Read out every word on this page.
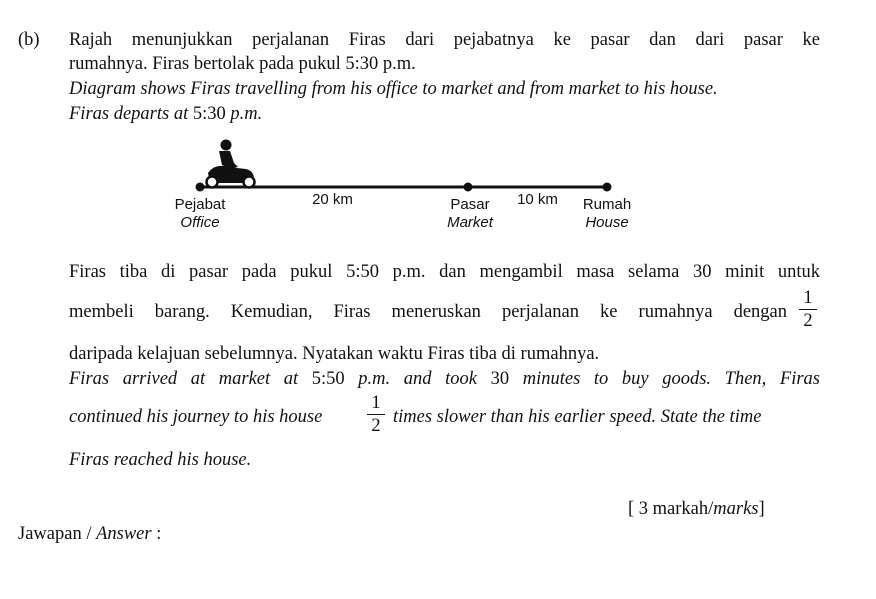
(b) Rajah menunjukkan perjalanan Firas dari pejabatnya ke pasar dan dari pasar ke
rumahnya. Firas bertolak pada pukul 5:30 p.m.
Diagram shows Firas travelling from his office to market and from market to his house.
Firas departs at 5:30 p.m.
Pejabat
Office
20 km	Pasar
Market
10 km	Rumah
House
Firas tiba di pasar pada pukul 5:50 p.m. dan mengambil masa selama 30 minit untuk
membeli barang. Kemudian, Firas meneruskan perjalanan ke rumahnya dengan
1
2
daripada kelajuan sebelumnya. Nyatakan waktu Firas tiba di rumahnya.
Firas arrived at market at 5:50 p.m. and took 30 minutes to buy goods. Then, Firas
continued his journey to his house
1
2 times slower than his earlier speed. State the time
Firas reached his house.
[ 3 markah/marks]
Jawapan / Answer :
